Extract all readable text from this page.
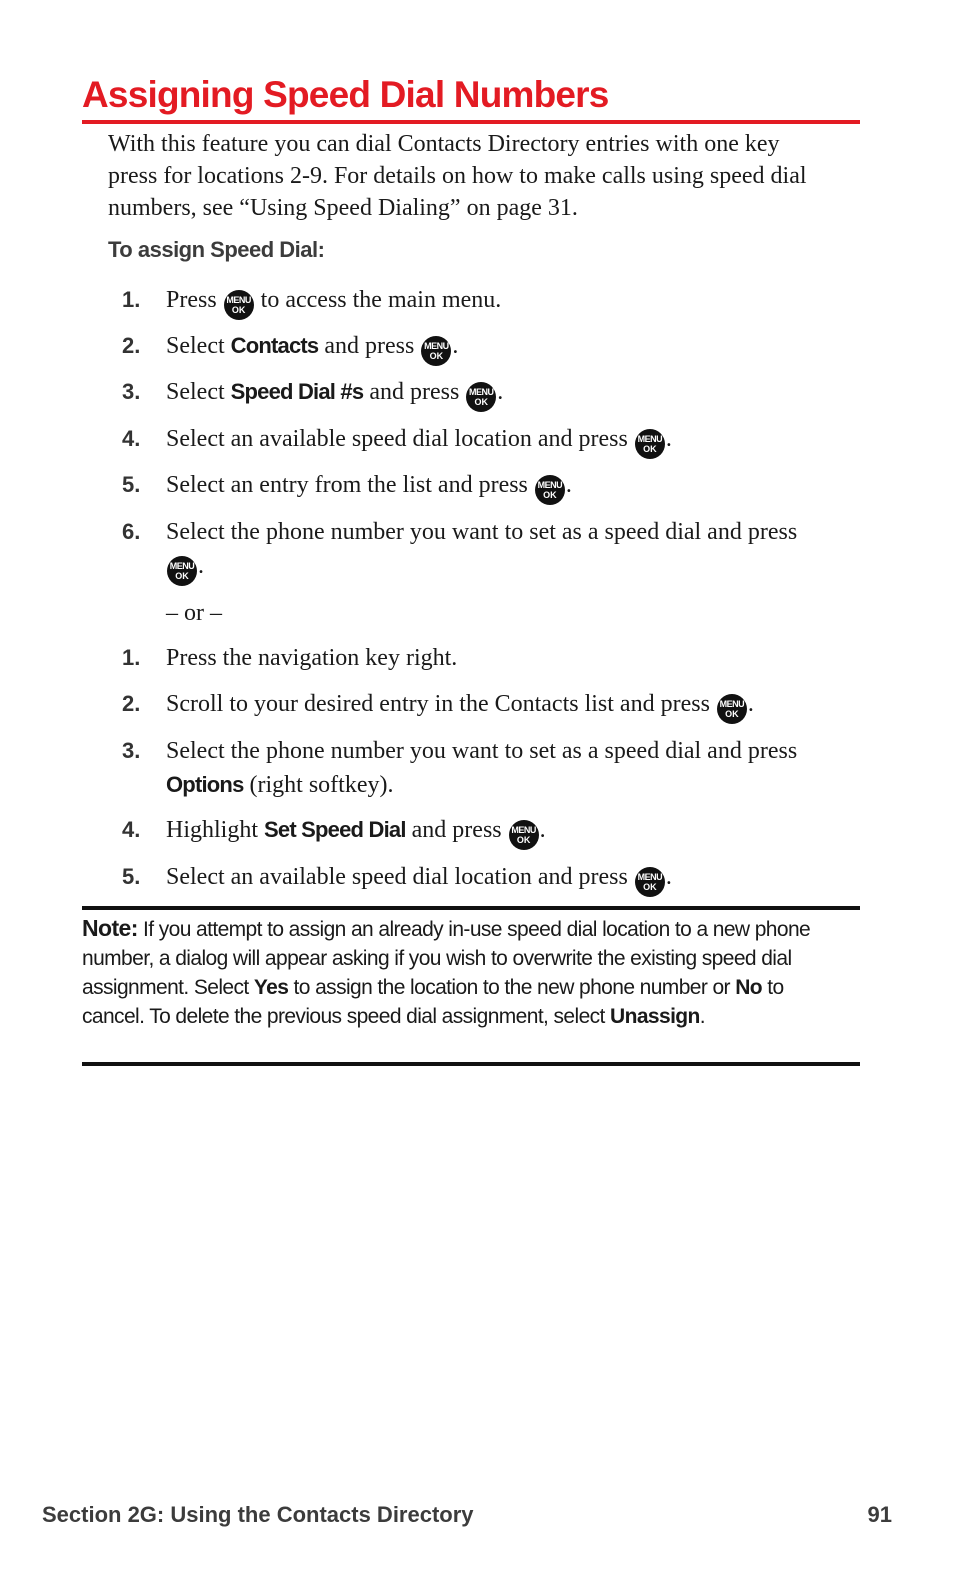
Assigning Speed Dial Numbers

With this feature you can dial Contacts Directory entries with one key press for locations 2-9. For details on how to make calls using speed dial numbers, see “Using Speed Dialing” on page 31.

To assign Speed Dial:

1. Press	MENU
OK to access the main menu.
2. Select Contacts and press	MENU
OK .
3. Select Speed Dial #s and press	MENU
OK .
4. Select an available speed dial location and press	MENU
OK .
5. Select an entry from the list and press	MENU
OK .
6. Select the phone number you want to set as a speed dial and press
MENU
OK .
– or –
1. Press the navigation key right.
2. Scroll to your desired entry in the Contacts list and press	MENU
OK .
3. Select the phone number you want to set as a speed dial and press Options (right softkey).
4. Highlight Set Speed Dial and press	MENU
OK .
5. Select an available speed dial location and press	MENU
OK .

Note: If you attempt to assign an already in-use speed dial location to a new phone number, a dialog will appear asking if you wish to overwrite the existing speed dial assignment. Select Yes to assign the location to the new phone number or No to cancel. To delete the previous speed dial assignment, select Unassign.

Section 2G: Using the Contacts Directory	91
